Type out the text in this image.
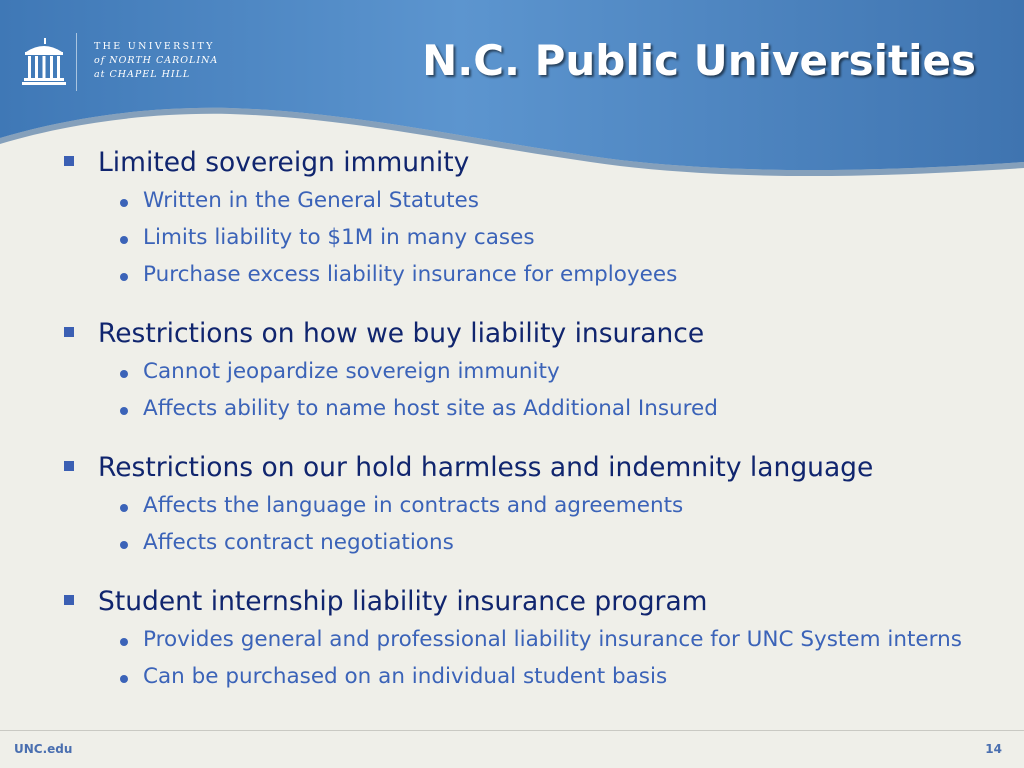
THE UNIVERSITY
of NORTH CAROLINA
at CHAPEL HILL	N.C. Public Universities
Limited sovereign immunity
Written in the General Statutes
Limits liability to $1M in many cases
Purchase excess liability insurance for employees
Restrictions on how we buy liability insurance
Cannot jeopardize sovereign immunity
Affects ability to name host site as Additional Insured
Restrictions on our hold harmless and indemnity language
Affects the language in contracts and agreements
Affects contract negotiations
Student internship liability insurance program
Provides general and professional liability insurance for UNC System interns
Can be purchased on an individual student basis
UNC.edu	14
